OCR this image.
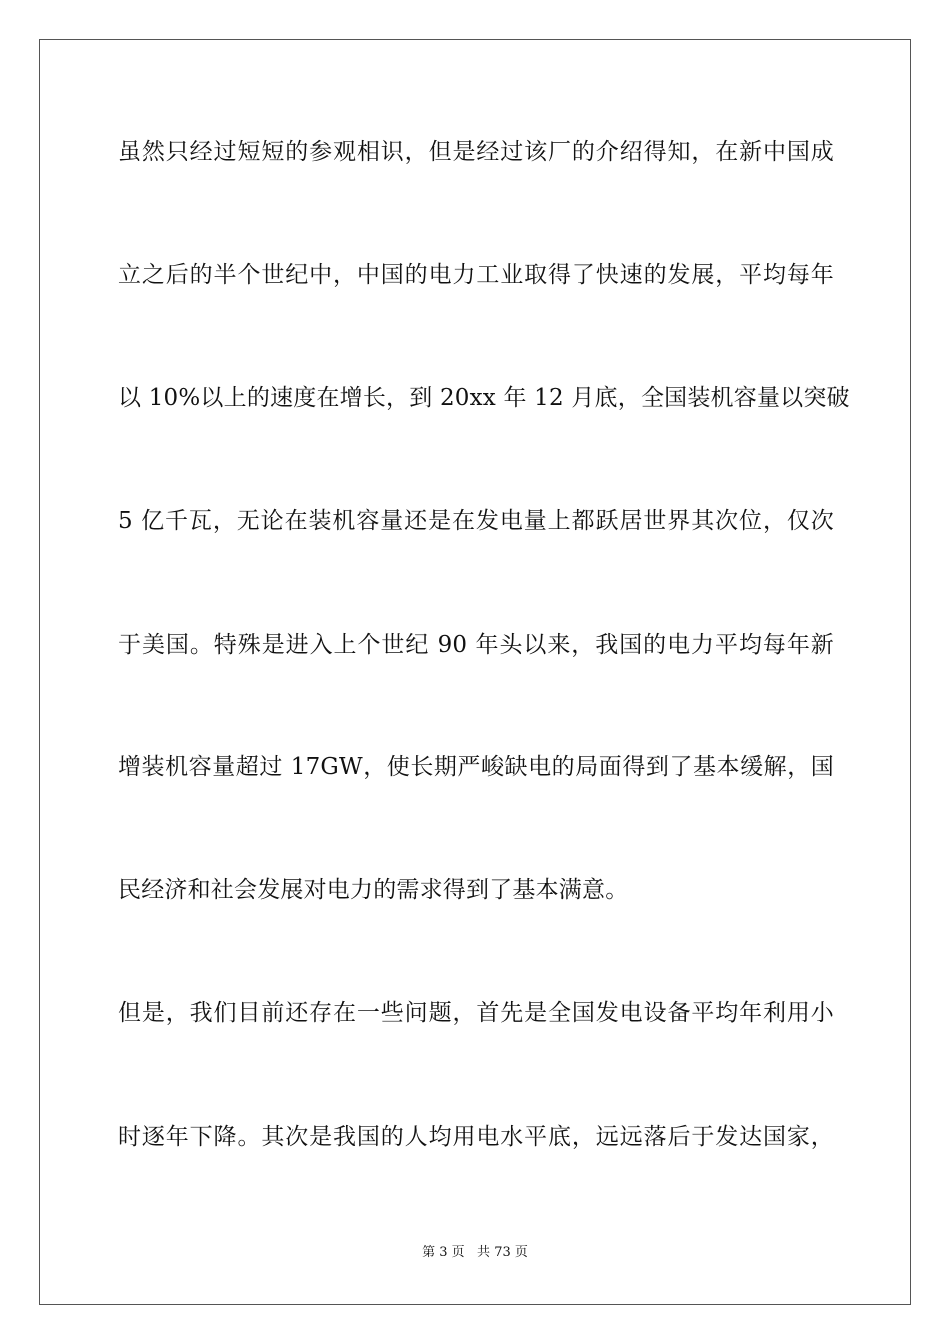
虽然只经过短短的参观相识，但是经过该厂的介绍得知，在新中国成
立之后的半个世纪中，中国的电力工业取得了快速的发展，平均每年
以 10%以上的速度在增长，到 20xx 年 12 月底，全国装机容量以突破
5 亿千瓦，无论在装机容量还是在发电量上都跃居世界其次位，仅次
于美国。特殊是进入上个世纪 90 年头以来，我国的电力平均每年新
增装机容量超过 17GW，使长期严峻缺电的局面得到了基本缓解，国
民经济和社会发展对电力的需求得到了基本满意。
但是，我们目前还存在一些问题，首先是全国发电设备平均年利用小
时逐年下降。其次是我国的人均用电水平底，远远落后于发达国家，
第 3 页   共 73 页
